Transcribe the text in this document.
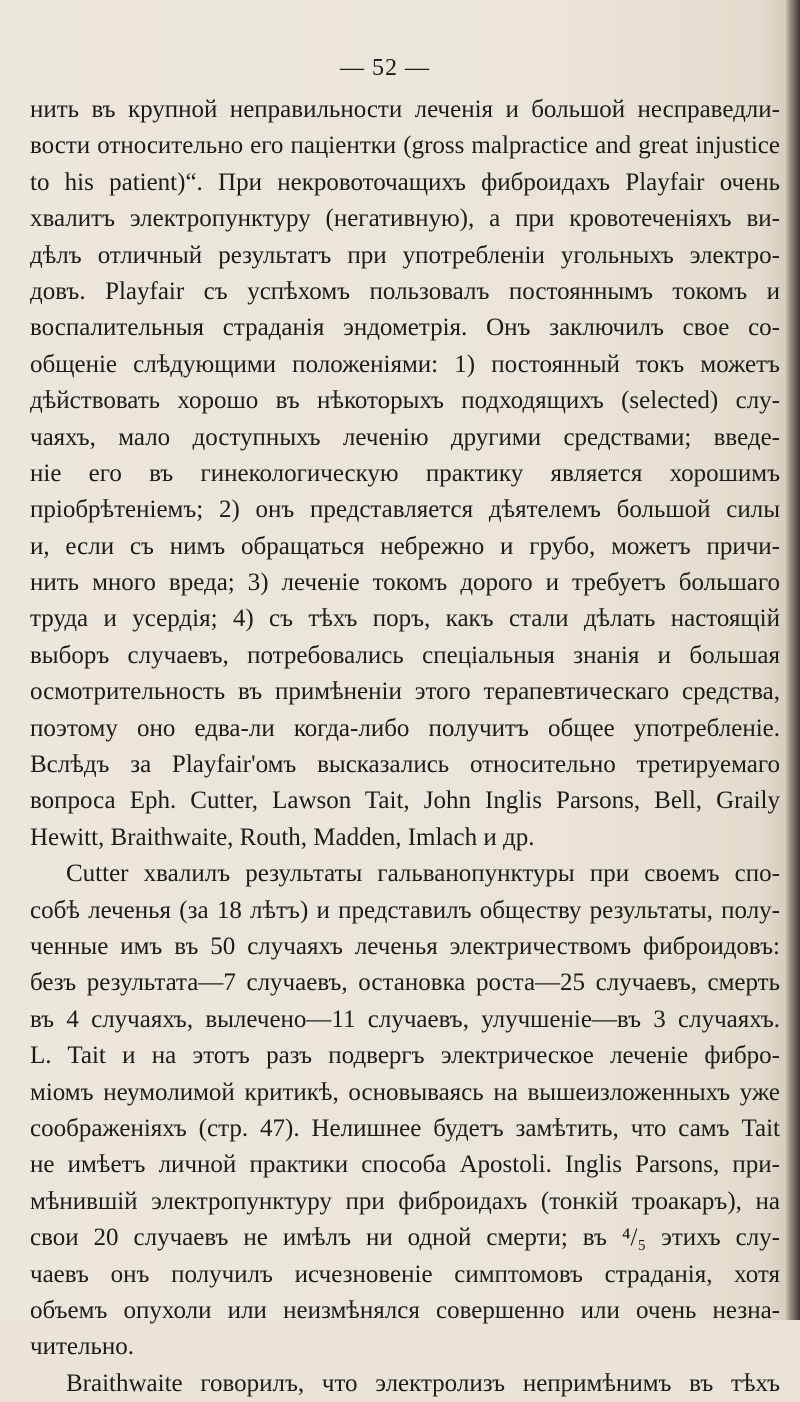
— 52 —
нить въ крупной неправильности леченія и большой несправедли-
вости относительно его паціентки (gross malpractice and great injustice
to his patient)“. При некровоточащихъ фиброидахъ Playfair очень
хвалитъ электропунктуру (негативную), а при кровотеченіяхъ ви-
дѣлъ отличный результатъ при употребленіи угольныхъ электро-
довъ. Playfair съ успѣхомъ пользовалъ постояннымъ токомъ и
воспалительныя страданія эндометрія. Онъ заключилъ свое со-
общеніе слѣдующими положеніями: 1) постоянный токъ можетъ
дѣйствовать хорошо въ нѣкоторыхъ подходящихъ (selected) слу-
чаяхъ, мало доступныхъ леченію другими средствами; введе-
ніе его въ гинекологическую практику является хорошимъ
пріобрѣтеніемъ; 2) онъ представляется дѣятелемъ большой силы
и, если съ нимъ обращаться небрежно и грубо, можетъ причи-
нить много вреда; 3) леченіе токомъ дорого и требуетъ большаго
труда и усердія; 4) съ тѣхъ поръ, какъ стали дѣлать настоящій
выборъ случаевъ, потребовались спеціальныя знанія и большая
осмотрительность въ примѣненіи этого терапевтическаго средства,
поэтому оно едва-ли когда-либо получитъ общее употребленіе.
Вслѣдъ за Playfair'омъ высказались относительно третируемаго
вопроса Eph. Cutter, Lawson Tait, John Inglis Parsons, Bell, Graily
Hewitt, Braithwaite, Routh, Madden, Imlach и др.
Cutter хвалилъ результаты гальванопунктуры при своемъ спо-
собѣ леченья (за 18 лѣтъ) и представилъ обществу результаты, полу-
ченные имъ въ 50 случаяхъ леченья электричествомъ фиброидовъ:
безъ результата—7 случаевъ, остановка роста—25 случаевъ, смерть
въ 4 случаяхъ, вылечено—11 случаевъ, улучшеніе—въ 3 случаяхъ.
L. Tait и на этотъ разъ подвергъ электрическое леченіе фибро-
міомъ неумолимой критикѣ, основываясь на вышеизложенныхъ уже
соображеніяхъ (стр. 47). Нелишнее будетъ замѣтить, что самъ Tait
не имѣетъ личной практики способа Apostoli. Inglis Parsons, при-
мѣнившій электропунктуру при фиброидахъ (тонкій троакаръ), на
свои 20 случаевъ не имѣлъ ни одной смерти; въ ⁴/₅ этихъ слу-
чаевъ онъ получилъ исчезновеніе симптомовъ страданія, хотя
объемъ опухоли или неизмѣнялся совершенно или очень незна-
чительно.
Braithwaite говорилъ, что электролизъ непримѣнимъ въ тѣхъ
